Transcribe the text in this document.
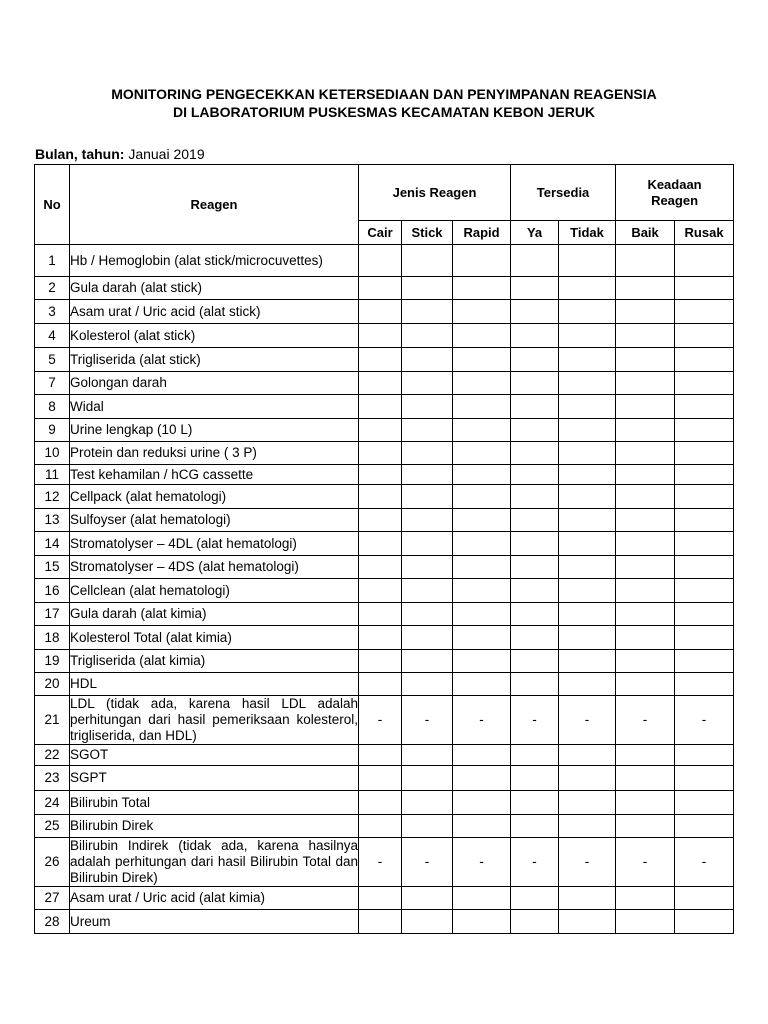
MONITORING PENGECEKKAN KETERSEDIAAN DAN PENYIMPANAN REAGENSIA
DI LABORATORIUM PUSKESMAS KECAMATAN KEBON JERUK
Bulan, tahun: Januai 2019
No	Reagen	Jenis Reagen			Tersedia		Keadaan Reagen	
		Cair	Stick	Rapid	Ya	Tidak	Baik	Rusak
1	Hb / Hemoglobin (alat stick/microcuvettes)							
2	Gula darah (alat stick)							
3	Asam urat / Uric acid (alat stick)							
4	Kolesterol (alat stick)							
5	Trigliserida (alat stick)							
7	Golongan darah							
8	Widal							
9	Urine lengkap (10 L)							
10	Protein dan reduksi urine ( 3 P)							
11	Test kehamilan / hCG cassette							
12	Cellpack (alat hematologi)							
13	Sulfoyser (alat hematologi)							
14	Stromatolyser – 4DL (alat hematologi)							
15	Stromatolyser – 4DS (alat hematologi)							
16	Cellclean (alat hematologi)							
17	Gula darah (alat kimia)							
18	Kolesterol Total (alat kimia)							
19	Trigliserida (alat kimia)							
20	HDL							
21	LDL (tidak ada, karena hasil LDL adalah perhitungan dari hasil pemeriksaan kolesterol, trigliserida, dan HDL)	-	-	-	-	-	-	-
22	SGOT							
23	SGPT							
24	Bilirubin Total							
25	Bilirubin Direk							
26	Bilirubin Indirek (tidak ada, karena hasilnya adalah perhitungan dari hasil Bilirubin Total dan Bilirubin Direk)	-	-	-	-	-	-	-
27	Asam urat / Uric acid (alat kimia)							
28	Ureum							
